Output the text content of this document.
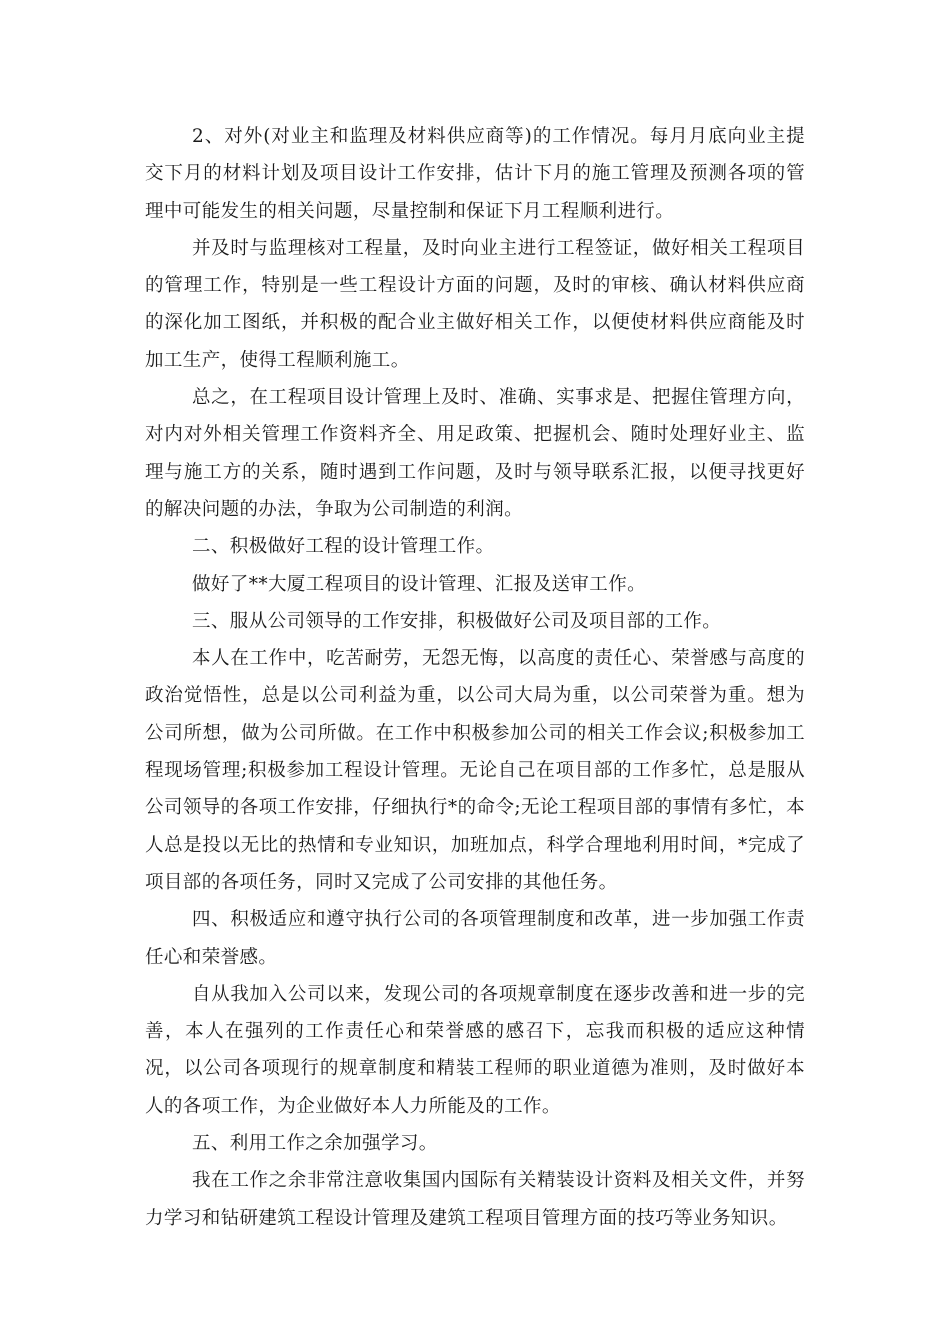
2、对外(对业主和监理及材料供应商等)的工作情况。每月月底向业主提交下月的材料计划及项目设计工作安排，估计下月的施工管理及预测各项的管理中可能发生的相关问题，尽量控制和保证下月工程顺利进行。

并及时与监理核对工程量，及时向业主进行工程签证，做好相关工程项目的管理工作，特别是一些工程设计方面的问题，及时的审核、确认材料供应商的深化加工图纸，并积极的配合业主做好相关工作，以便使材料供应商能及时加工生产，使得工程顺利施工。

总之，在工程项目设计管理上及时、准确、实事求是、把握住管理方向，对内对外相关管理工作资料齐全、用足政策、把握机会、随时处理好业主、监理与施工方的关系，随时遇到工作问题，及时与领导联系汇报，以便寻找更好的解决问题的办法，争取为公司制造的利润。

二、积极做好工程的设计管理工作。

做好了**大厦工程项目的设计管理、汇报及送审工作。

三、服从公司领导的工作安排，积极做好公司及项目部的工作。

本人在工作中，吃苦耐劳，无怨无悔，以高度的责任心、荣誉感与高度的政治觉悟性，总是以公司利益为重，以公司大局为重，以公司荣誉为重。想为公司所想，做为公司所做。在工作中积极参加公司的相关工作会议;积极参加工程现场管理;积极参加工程设计管理。无论自己在项目部的工作多忙，总是服从公司领导的各项工作安排，仔细执行*的命令;无论工程项目部的事情有多忙，本人总是投以无比的热情和专业知识，加班加点，科学合理地利用时间，*完成了项目部的各项任务，同时又完成了公司安排的其他任务。

四、积极适应和遵守执行公司的各项管理制度和改革，进一步加强工作责任心和荣誉感。

自从我加入公司以来，发现公司的各项规章制度在逐步改善和进一步的完善，本人在强列的工作责任心和荣誉感的感召下，忘我而积极的适应这种情况，以公司各项现行的规章制度和精装工程师的职业道德为准则，及时做好本人的各项工作，为企业做好本人力所能及的工作。

五、利用工作之余加强学习。

我在工作之余非常注意收集国内国际有关精装设计资料及相关文件，并努力学习和钻研建筑工程设计管理及建筑工程项目管理方面的技巧等业务知识。
